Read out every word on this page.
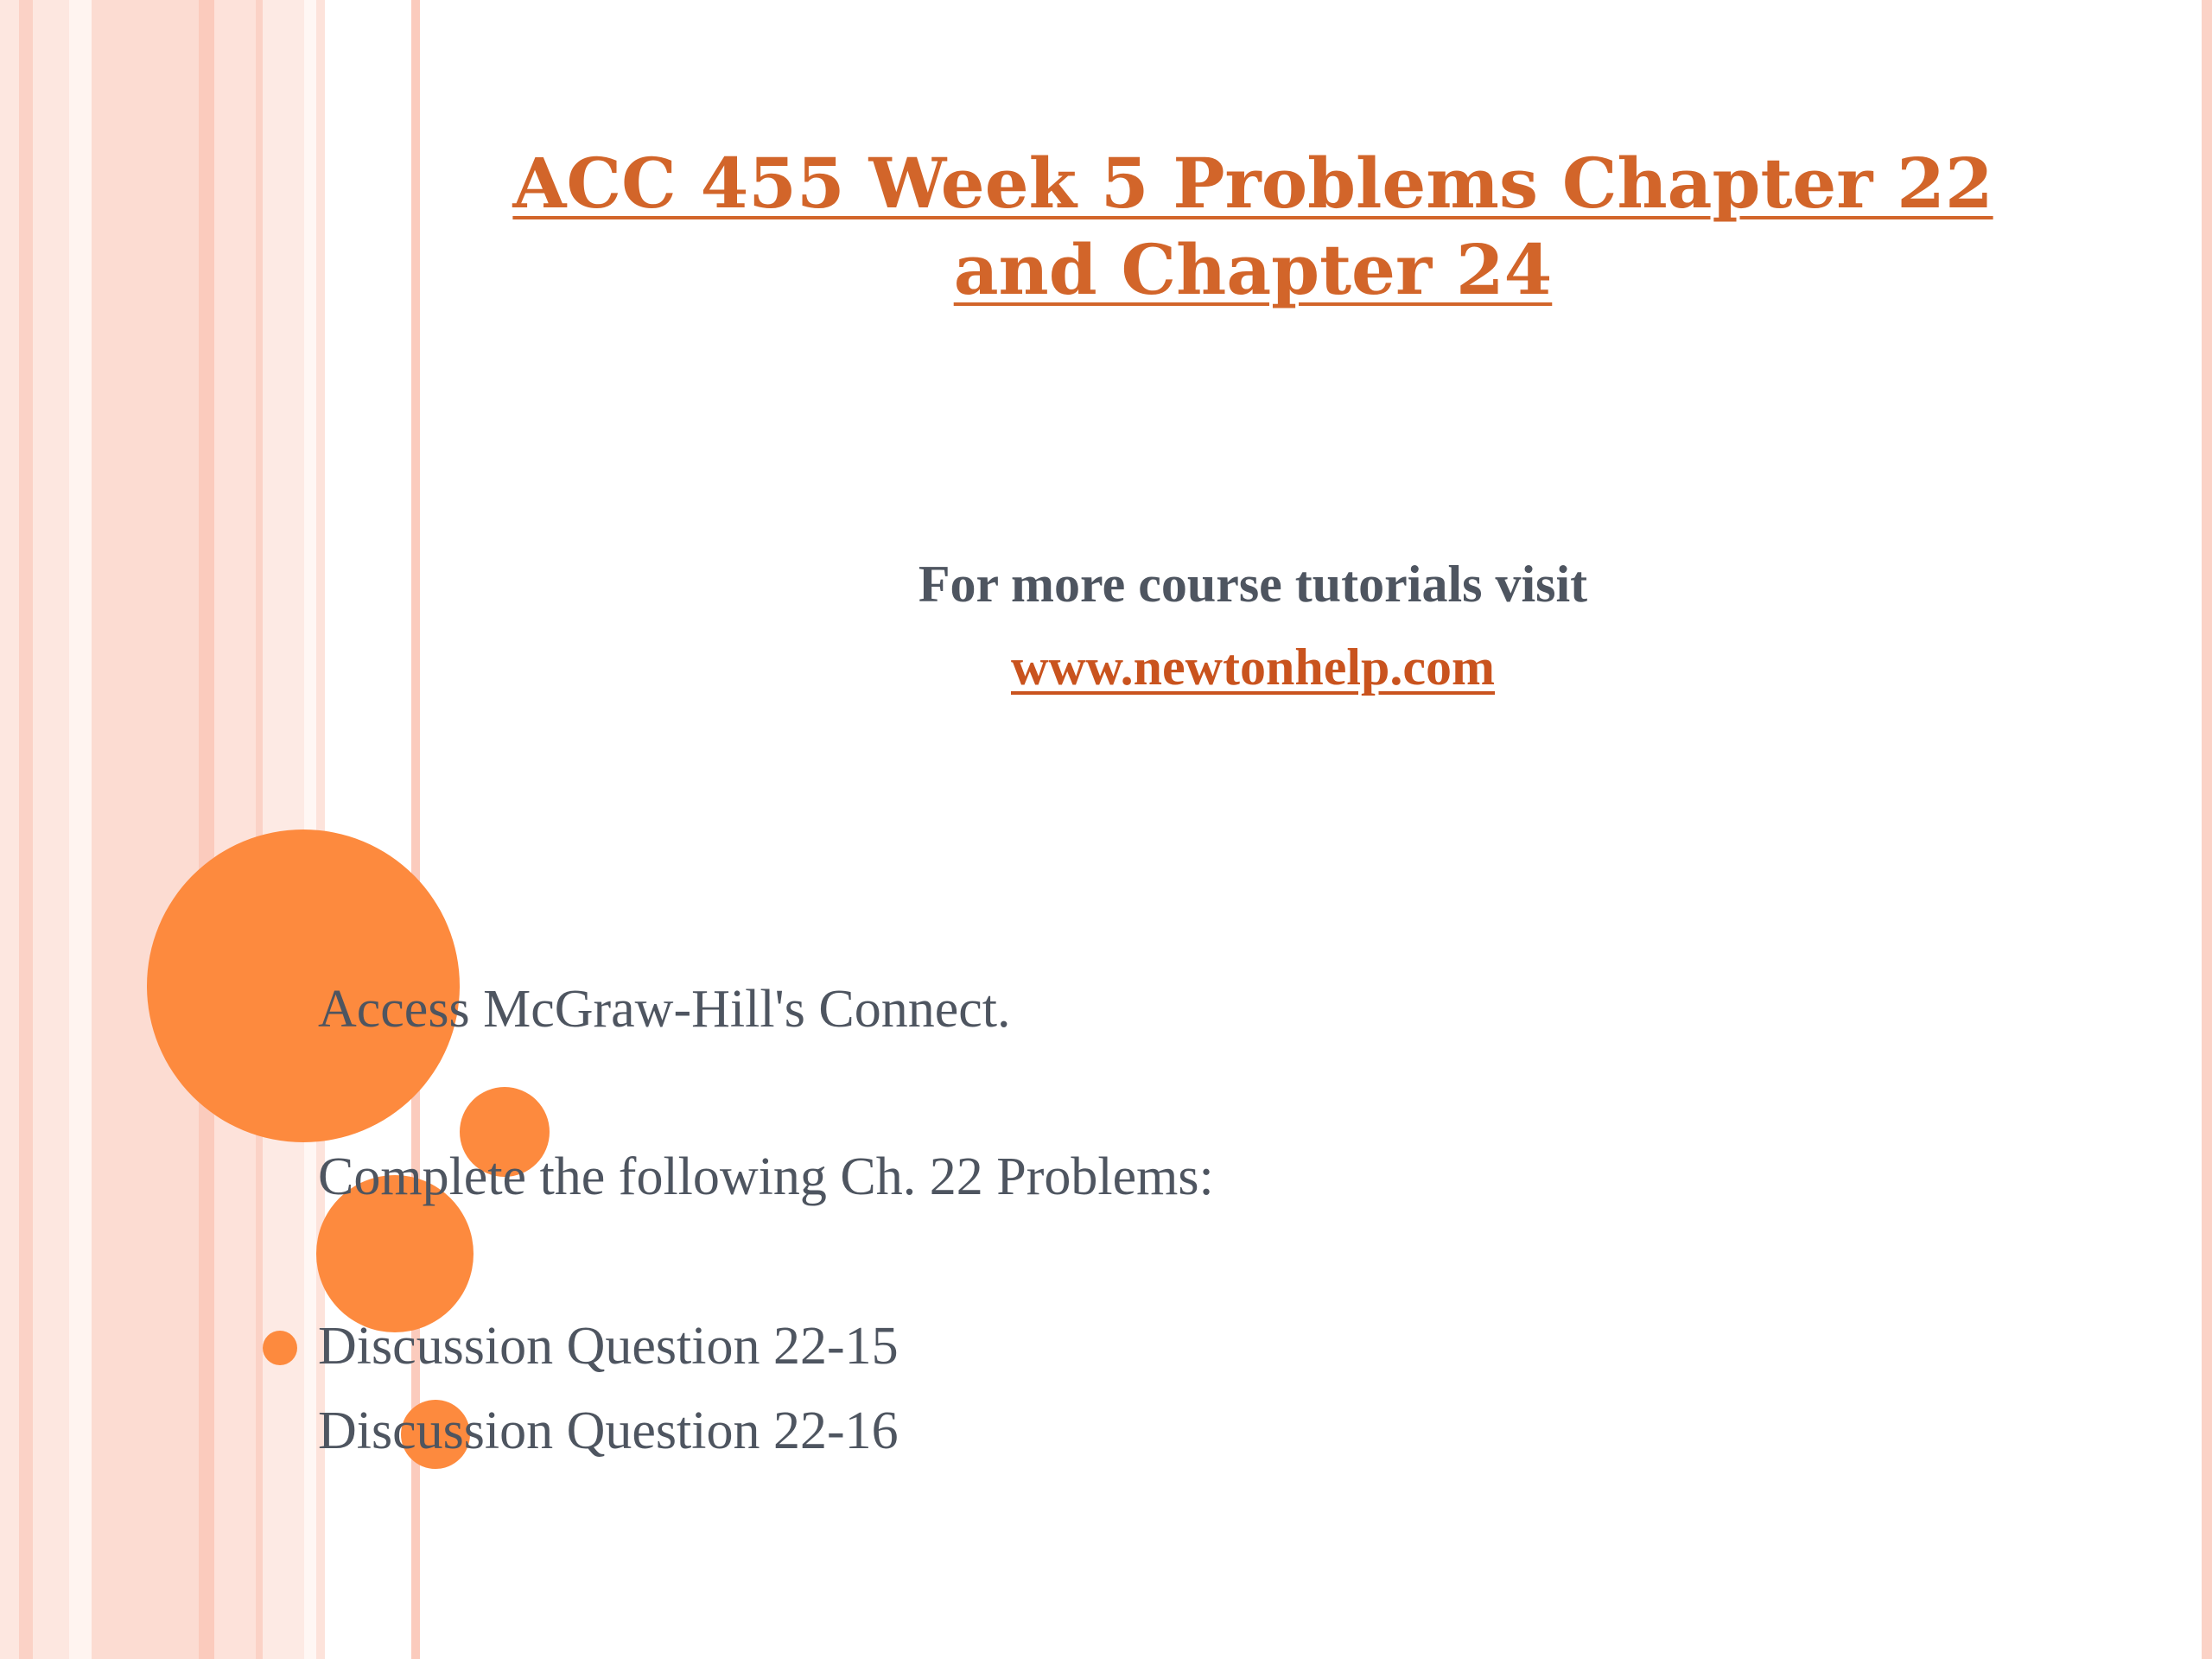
ACC 455 Week 5 Problems Chapter 22 and Chapter 24

For more course tutorials visit

www.newtonhelp.com
Access McGraw-Hill's Connect.
Complete the following Ch. 22 Problems:
Discussion Question 22-15
Discussion Question 22-16
